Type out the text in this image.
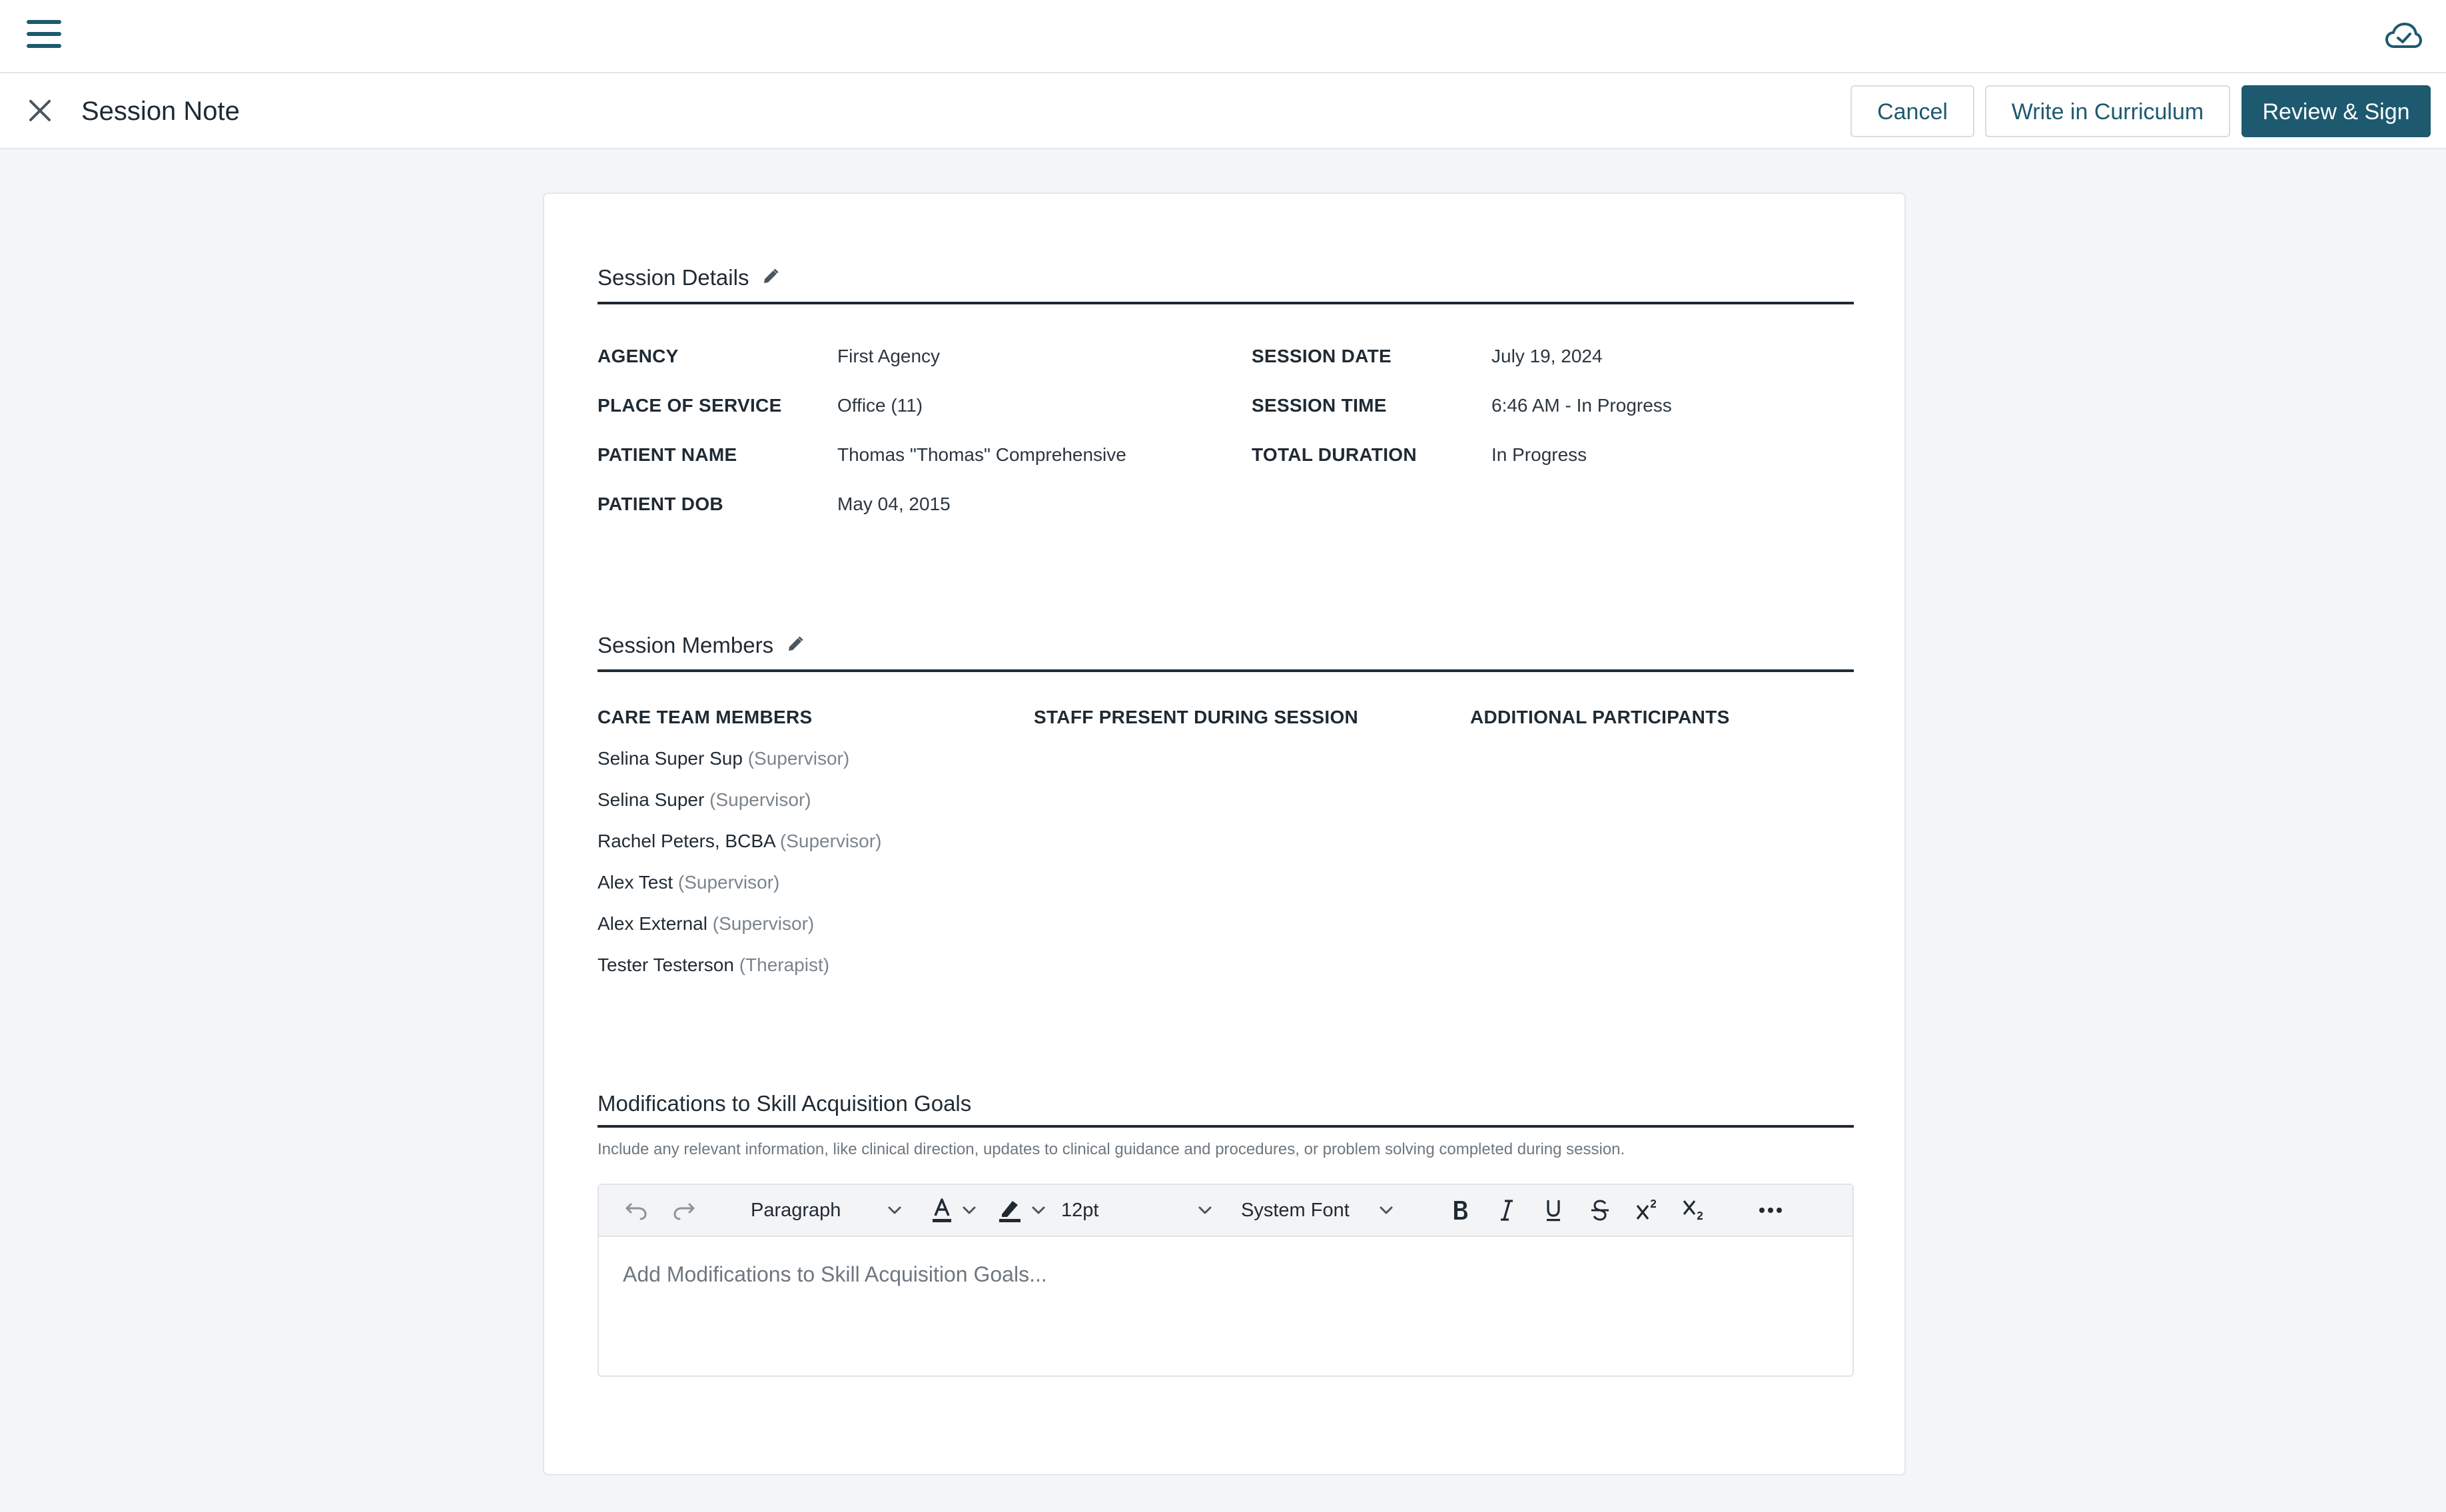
Session Note	Cancel	Write in Curriculum	Review & Sign
Session Details
AGENCY	First Agency
PLACE OF SERVICE	Office (11)
PATIENT NAME	Thomas "Thomas" Comprehensive
PATIENT DOB	May 04, 2015
SESSION DATE	July 19, 2024
SESSION TIME	6:46 AM - In Progress
TOTAL DURATION	In Progress
Session Members
CARE TEAM MEMBERS	STAFF PRESENT DURING SESSION	ADDITIONAL PARTICIPANTS
Selina Super Sup (Supervisor)
Selina Super (Supervisor)
Rachel Peters, BCBA (Supervisor)
Alex Test (Supervisor)
Alex External (Supervisor)
Tester Testerson (Therapist)
Modifications to Skill Acquisition Goals
Include any relevant information, like clinical direction, updates to clinical guidance and procedures, or problem solving completed during session.
Paragraph	12pt	System Font
Add Modifications to Skill Acquisition Goals...
